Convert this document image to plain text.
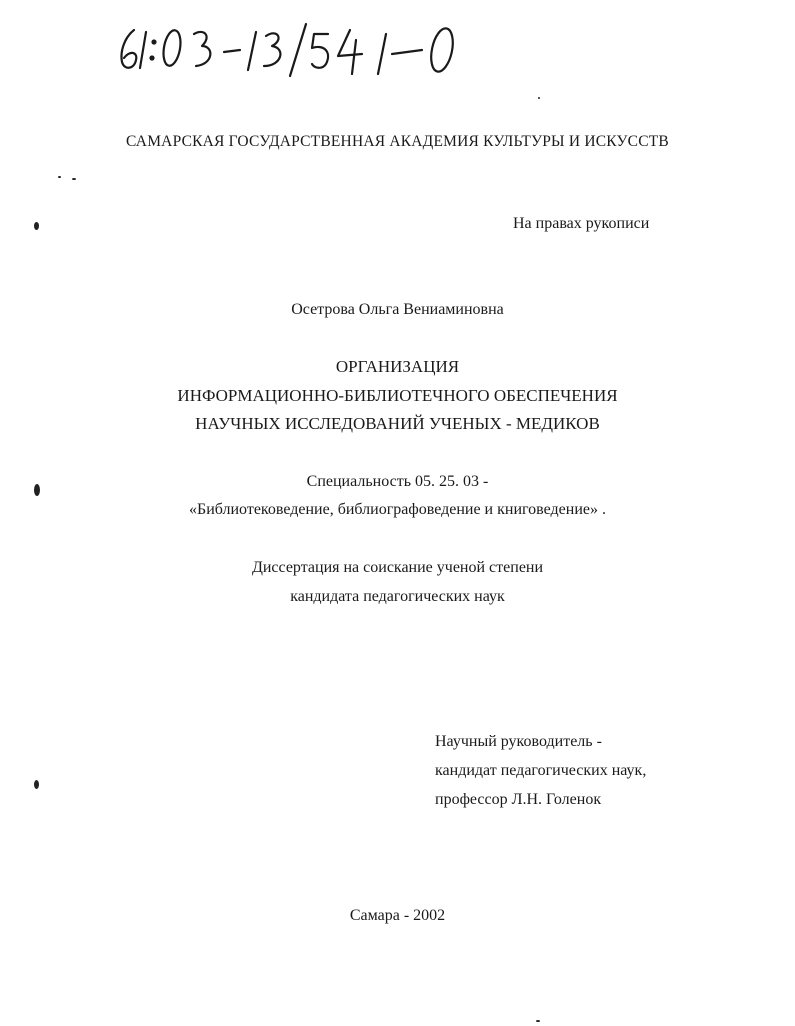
САМАРСКАЯ ГОСУДАРСТВЕННАЯ АКАДЕМИЯ КУЛЬТУРЫ И ИСКУССТВ
На правах рукописи
Осетрова Ольга Вениаминовна
ОРГАНИЗАЦИЯ
ИНФОРМАЦИОННО-БИБЛИОТЕЧНОГО ОБЕСПЕЧЕНИЯ
НАУЧНЫХ ИССЛЕДОВАНИЙ УЧЕНЫХ - МЕДИКОВ
Специальность 05. 25. 03 -
«Библиотековедение, библиографоведение и книговедение» .
Диссертация на соискание ученой степени
кандидата педагогических наук
Научный руководитель -
кандидат педагогических наук,
профессор Л.Н. Голенок
Самара - 2002
